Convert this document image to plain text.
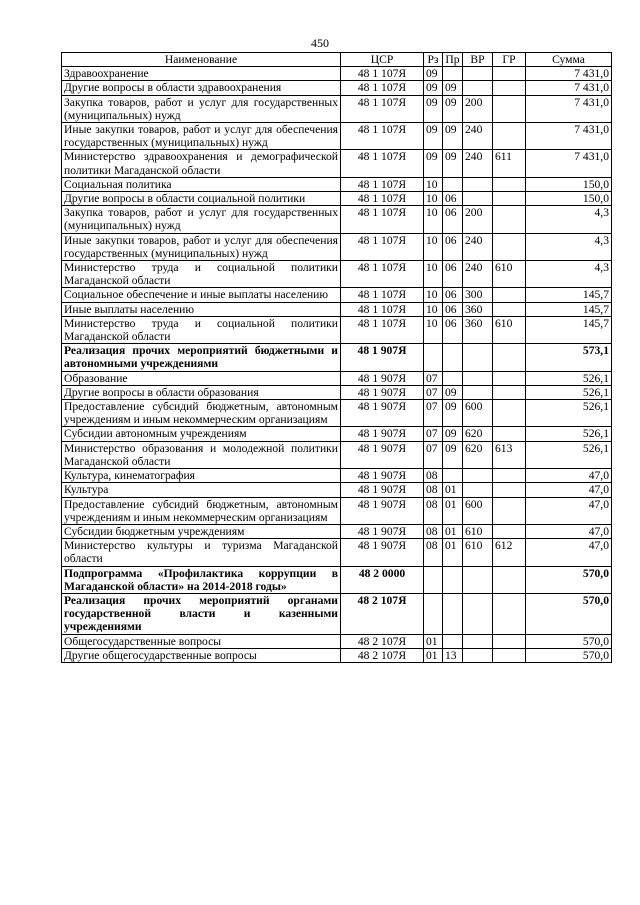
450
Наименование	ЦСР	Рз	Пр	ВР	ГР	Сумма
Здравоохранение	48 1 107Я	09				7 431,0
Другие вопросы в области здравоохранения	48 1 107Я	09	09			7 431,0
Закупка товаров, работ и услуг для государственных (муниципальных) нужд	48 1 107Я	09	09	200		7 431,0
Иные закупки товаров, работ и услуг для обеспечения государственных (муниципальных) нужд	48 1 107Я	09	09	240		7 431,0
Министерство здравоохранения и демографической политики Магаданской области	48 1 107Я	09	09	240	611	7 431,0
Социальная политика	48 1 107Я	10				150,0
Другие вопросы в области социальной политики	48 1 107Я	10	06			150,0
Закупка товаров, работ и услуг для государственных (муниципальных) нужд	48 1 107Я	10	06	200		4,3
Иные закупки товаров, работ и услуг для обеспечения государственных (муниципальных) нужд	48 1 107Я	10	06	240		4,3
Министерство труда и социальной политики Магаданской области	48 1 107Я	10	06	240	610	4,3
Социальное обеспечение и иные выплаты населению	48 1 107Я	10	06	300		145,7
Иные выплаты населению	48 1 107Я	10	06	360		145,7
Министерство труда и социальной политики Магаданской области	48 1 107Я	10	06	360	610	145,7
Реализация прочих мероприятий бюджетными и автономными учреждениями	48 1 907Я					573,1
Образование	48 1 907Я	07				526,1
Другие вопросы в области образования	48 1 907Я	07	09			526,1
Предоставление субсидий бюджетным, автономным учреждениям и иным некоммерческим организациям	48 1 907Я	07	09	600		526,1
Субсидии автономным учреждениям	48 1 907Я	07	09	620		526,1
Министерство образования и молодежной политики Магаданской области	48 1 907Я	07	09	620	613	526,1
Культура, кинематография	48 1 907Я	08				47,0
Культура	48 1 907Я	08	01			47,0
Предоставление субсидий бюджетным, автономным учреждениям и иным некоммерческим организациям	48 1 907Я	08	01	600		47,0
Субсидии бюджетным учреждениям	48 1 907Я	08	01	610		47,0
Министерство культуры и туризма Магаданской области	48 1 907Я	08	01	610	612	47,0
Подпрограмма «Профилактика коррупции в Магаданской области» на 2014-2018 годы»	48 2 0000					570,0
Реализация прочих мероприятий органами государственной власти и казенными учреждениями	48 2 107Я					570,0
Общегосударственные вопросы	48 2 107Я	01				570,0
Другие общегосударственные вопросы	48 2 107Я	01	13			570,0
